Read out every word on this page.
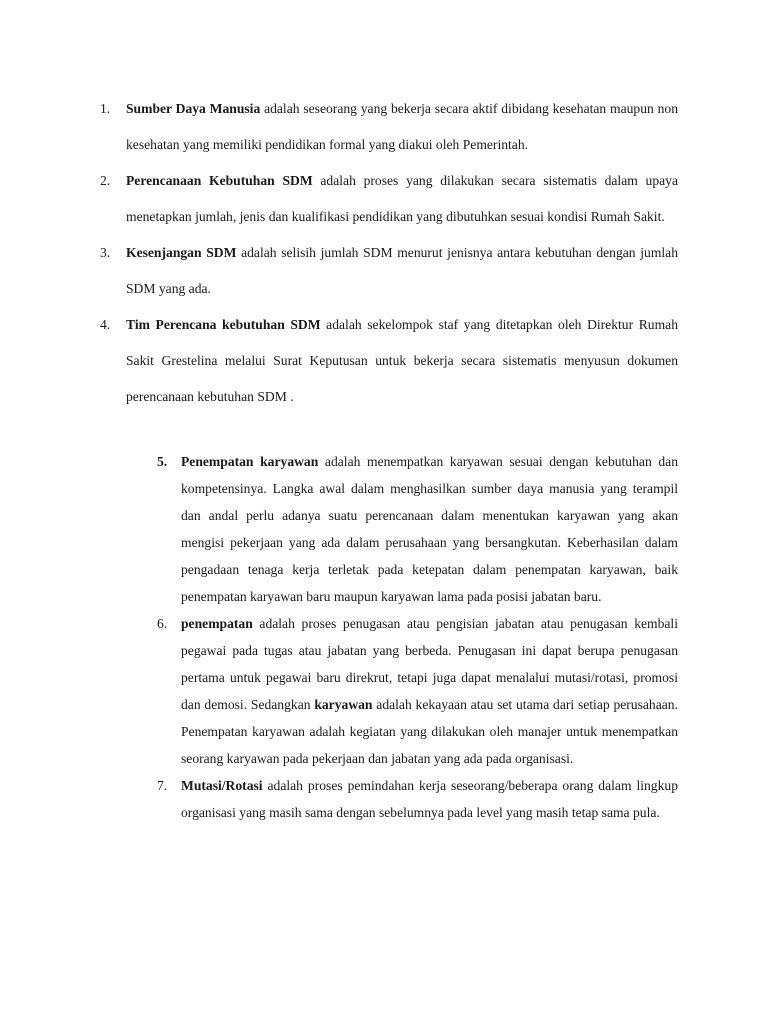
1. Sumber Daya Manusia adalah seseorang yang bekerja secara aktif dibidang kesehatan maupun non kesehatan yang memiliki pendidikan formal yang diakui oleh Pemerintah.
2. Perencanaan Kebutuhan SDM adalah proses yang dilakukan secara sistematis dalam upaya menetapkan jumlah, jenis dan kualifikasi pendidikan yang dibutuhkan sesuai kondisi Rumah Sakit.
3. Kesenjangan SDM adalah selisih jumlah SDM menurut jenisnya antara kebutuhan dengan jumlah SDM yang ada.
4. Tim Perencana kebutuhan SDM adalah sekelompok staf yang ditetapkan oleh Direktur Rumah Sakit Grestelina melalui Surat Keputusan untuk bekerja secara sistematis menyusun dokumen perencanaan kebutuhan SDM .
5. Penempatan karyawan adalah menempatkan karyawan sesuai dengan kebutuhan dan kompetensinya. Langka awal dalam menghasilkan sumber daya manusia yang terampil dan andal perlu adanya suatu perencanaan dalam menentukan karyawan yang akan mengisi pekerjaan yang ada dalam perusahaan yang bersangkutan. Keberhasilan dalam pengadaan tenaga kerja terletak pada ketepatan dalam penempatan karyawan, baik penempatan karyawan baru maupun karyawan lama pada posisi jabatan baru.
6. penempatan adalah proses penugasan atau pengisian jabatan atau penugasan kembali pegawai pada tugas atau jabatan yang berbeda. Penugasan ini dapat berupa penugasan pertama untuk pegawai baru direkrut, tetapi juga dapat menalalui mutasi/rotasi, promosi dan demosi. Sedangkan karyawan adalah kekayaan atau set utama dari setiap perusahaan. Penempatan karyawan adalah kegiatan yang dilakukan oleh manajer untuk menempatkan seorang karyawan pada pekerjaan dan jabatan yang ada pada organisasi.
7. Mutasi/Rotasi adalah proses pemindahan kerja seseorang/beberapa orang dalam lingkup organisasi yang masih sama dengan sebelumnya pada level yang masih tetap sama pula.
